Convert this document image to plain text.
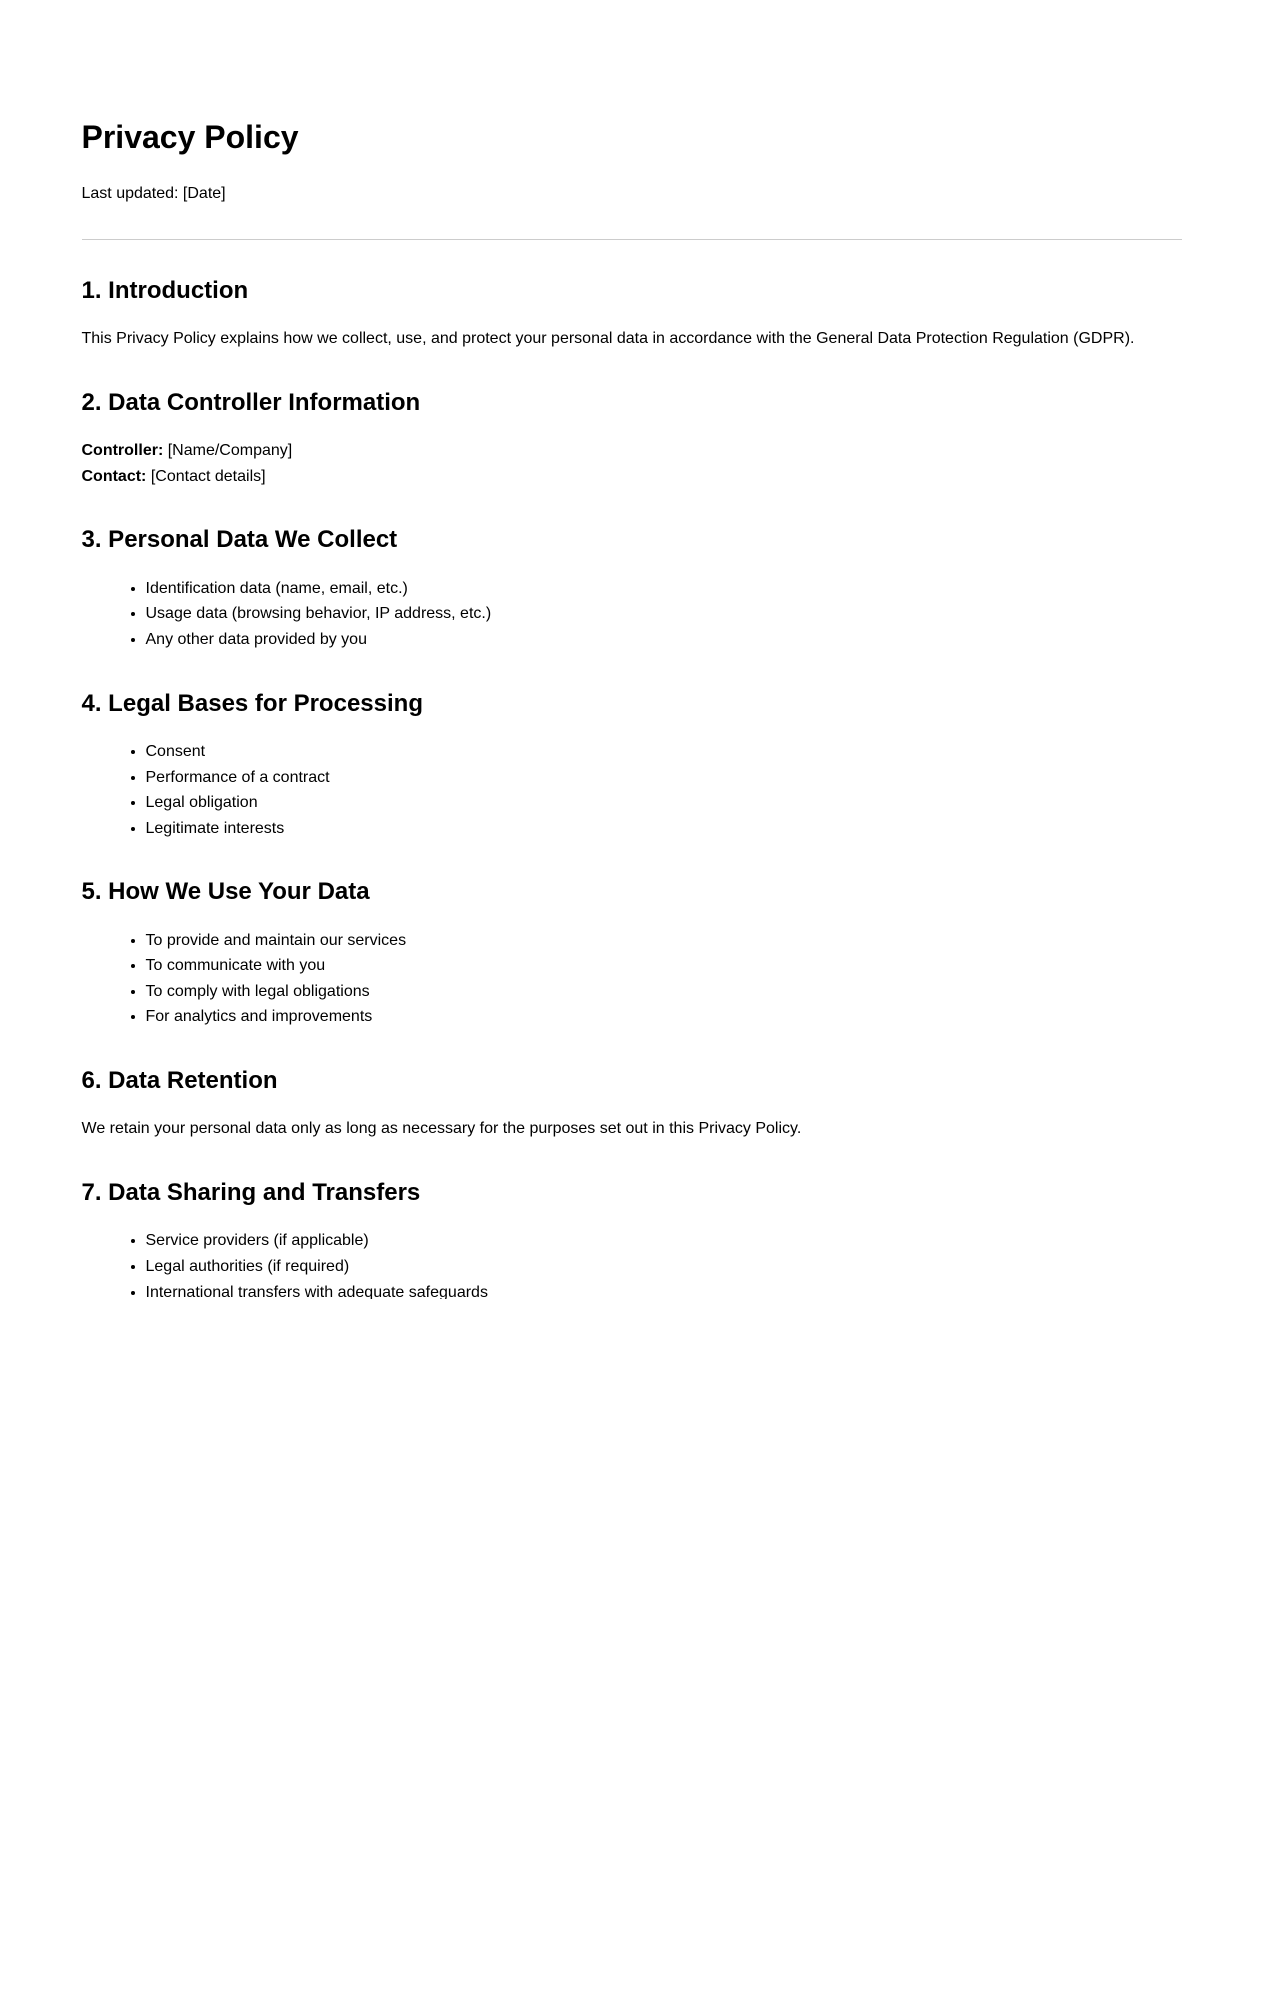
Privacy Policy

Last updated: [Date]

1. Introduction

This Privacy Policy explains how we collect, use, and protect your personal data in accordance with the General Data Protection Regulation (GDPR).

2. Data Controller Information

Controller: [Name/Company]
Contact: [Contact details]

3. Personal Data We Collect
• Identification data (name, email, etc.)
• Usage data (browsing behavior, IP address, etc.)
• Any other data provided by you
4. Legal Bases for Processing
• Consent
• Performance of a contract
• Legal obligation
• Legitimate interests
5. How We Use Your Data
• To provide and maintain our services
• To communicate with you
• To comply with legal obligations
• For analytics and improvements
6. Data Retention

We retain your personal data only as long as necessary for the purposes set out in this Privacy Policy.

7. Data Sharing and Transfers
• Service providers (if applicable)
• Legal authorities (if required)
• International transfers with adequate safeguards
